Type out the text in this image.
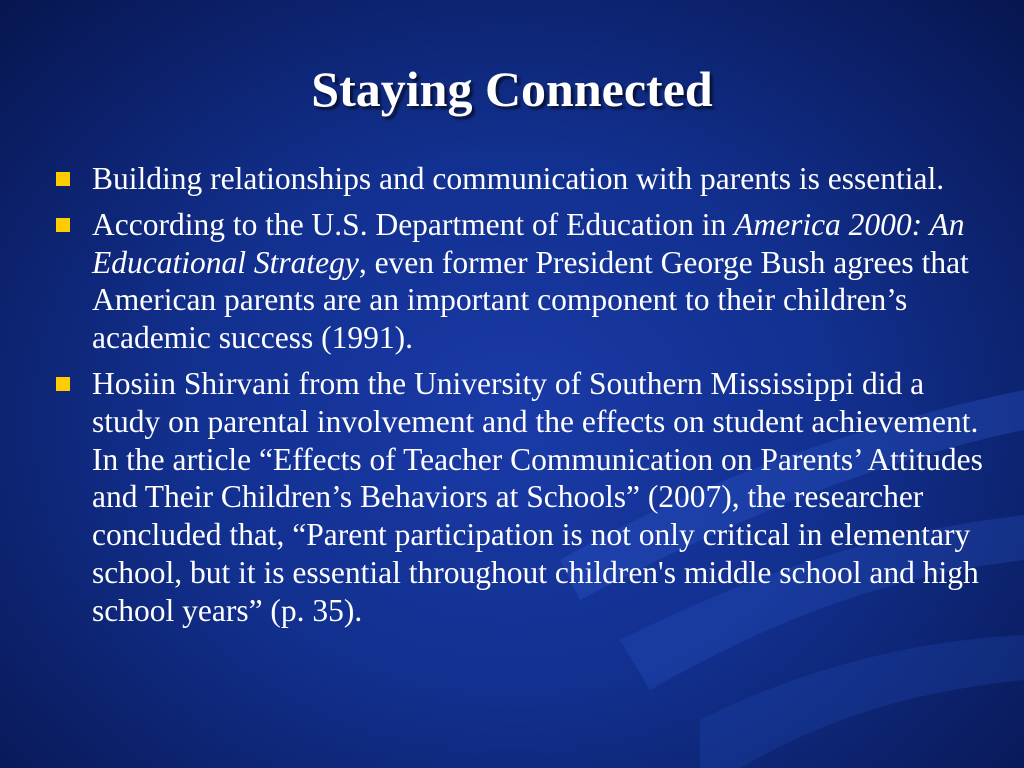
Staying Connected
Building relationships and communication with parents is essential.
According to the U.S. Department of Education in America 2000: An Educational Strategy, even former President George Bush agrees that American parents are an important component to their children’s academic success (1991).
Hosiin Shirvani from the University of Southern Mississippi did a study on parental involvement and the effects on student achievement. In the article “Effects of Teacher Communication on Parents’ Attitudes and Their Children’s Behaviors at Schools” (2007), the researcher concluded that, “Parent participation is not only critical in elementary school, but it is essential throughout children's middle school and high school years” (p. 35).
